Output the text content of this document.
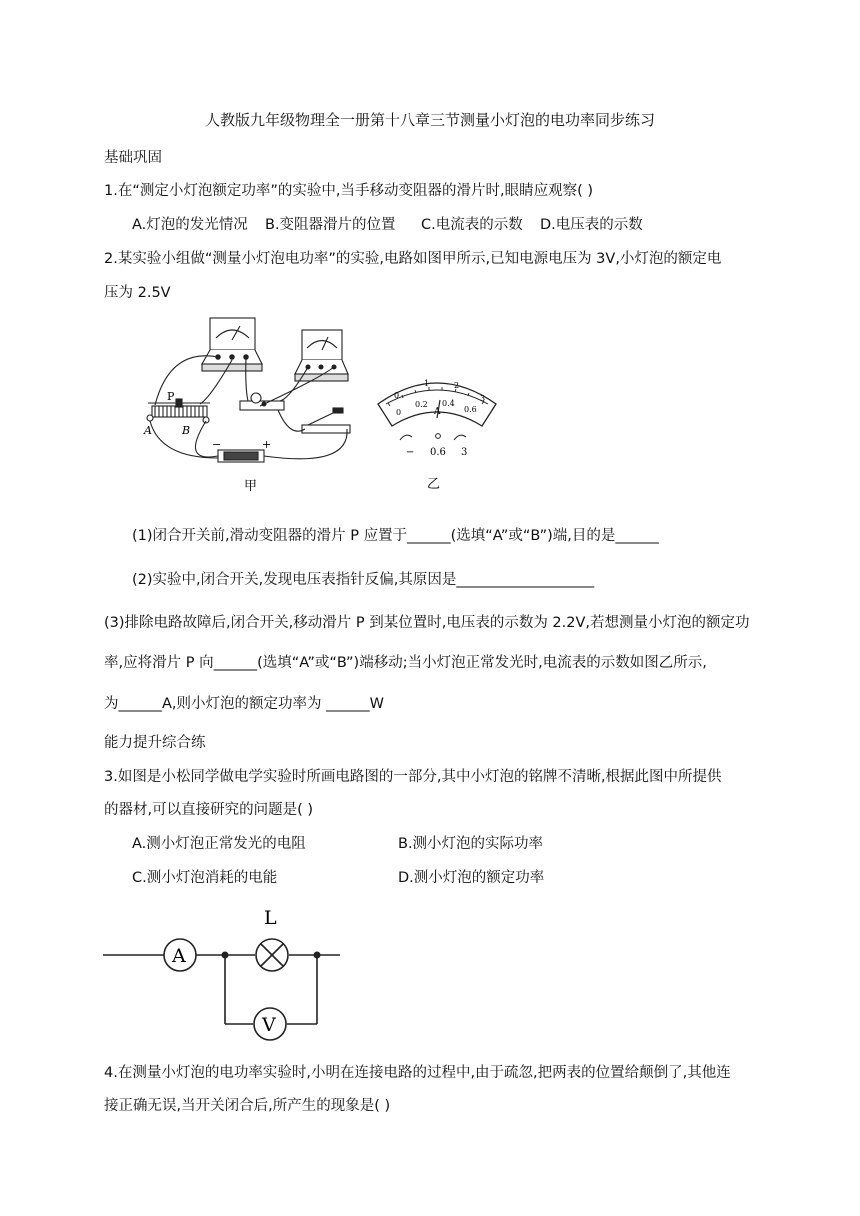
人教版九年级物理全一册第十八章三节测量小灯泡的电功率同步练习
基础巩固
1.在“测定小灯泡额定功率”的实验中,当手移动变阻器的滑片时,眼睛应观察( )
A.灯泡的发光情况 B.变阻器滑片的位置 C.电流表的示数 D.电压表的示数
2.某实验小组做“测量小灯泡电功率”的实验,电路如图甲所示,已知电源电压为 3V,小灯泡的额定电
压为 2.5V
P
A	B
−	+
甲
0
1	2
3
0
0.2 0.4
0.6
A
− 0.6 3
乙
(1)闭合开关前,滑动变阻器的滑片 P 应置于______(选填“A”或“B”)端,目的是______
(2)实验中,闭合开关,发现电压表指针反偏,其原因是___________________
(3)排除电路故障后,闭合开关,移动滑片 P 到某位置时,电压表的示数为 2.2V,若想测量小灯泡的额定功
率,应将滑片 P 向______(选填“A”或“B”)端移动;当小灯泡正常发光时,电流表的示数如图乙所示,
为______A,则小灯泡的额定功率为 ______W
能力提升综合练
3.如图是小松同学做电学实验时所画电路图的一部分,其中小灯泡的铭牌不清晰,根据此图中所提供
的器材,可以直接研究的问题是( )
A.测小灯泡正常发光的电阻	B.测小灯泡的实际功率
C.测小灯泡消耗的电能	D.测小灯泡的额定功率
A
L
V
4.在测量小灯泡的电功率实验时,小明在连接电路的过程中,由于疏忽,把两表的位置给颠倒了,其他连
接正确无误,当开关闭合后,所产生的现象是( )
